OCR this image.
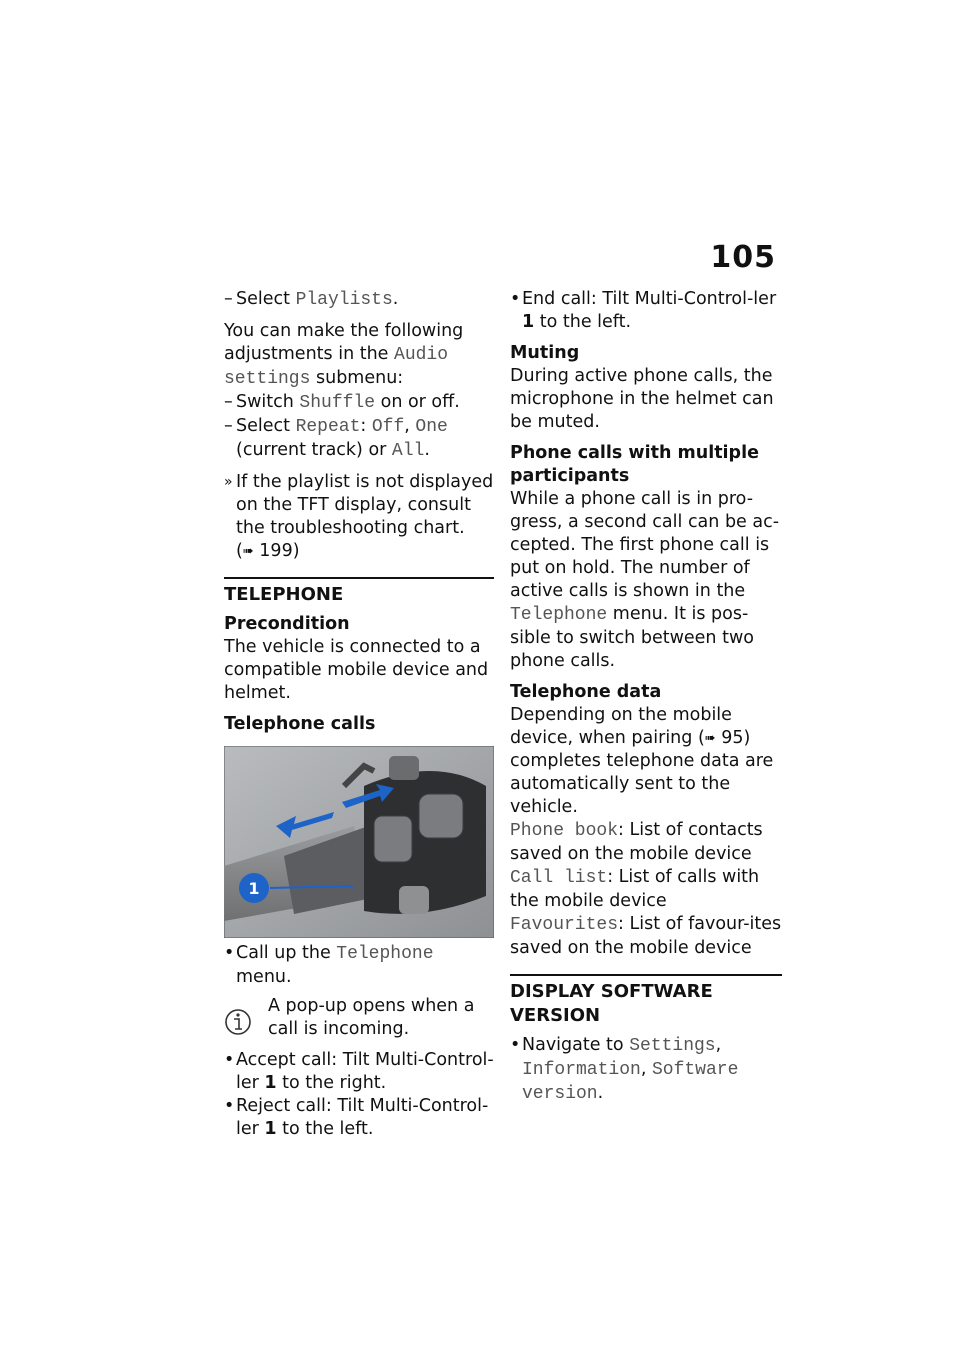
105
– Select Playlists.

You can make the following adjustments in the Audio settings submenu:

– Switch Shuffle on or off.
– Select Repeat: Off, One
(current track) or All.
» If the playlist is not displayed on the TFT display, consult the troubleshooting chart.
(➠ 199)
TELEPHONE
Precondition

The vehicle is connected to a compatible mobile device and helmet.

Telephone calls
1
• Call up the Telephone
menu.
A pop-up opens when a call is incoming.
• Accept call: Tilt Multi-Control-ler 1 to the right.
• Reject call: Tilt Multi-Control-ler 1 to the left.
• End call: Tilt Multi-Control-ler 1 to the left.
Muting

During active phone calls, the microphone in the helmet can be muted.

Phone calls with multiple participants

While a phone call is in pro-gress, a second call can be ac-cepted. The first phone call is put on hold. The number of active calls is shown in the Telephone menu. It is pos-sible to switch between two phone calls.

Telephone data

Depending on the mobile device, when pairing (➠ 95) completes telephone data are automatically sent to the vehicle.

Phone book: List of contacts saved on the mobile device

Call list: List of calls with the mobile device

Favourites: List of favour-ites saved on the mobile device

DISPLAY SOFTWARE VERSION
• Navigate to Settings,
Information, Software version.
